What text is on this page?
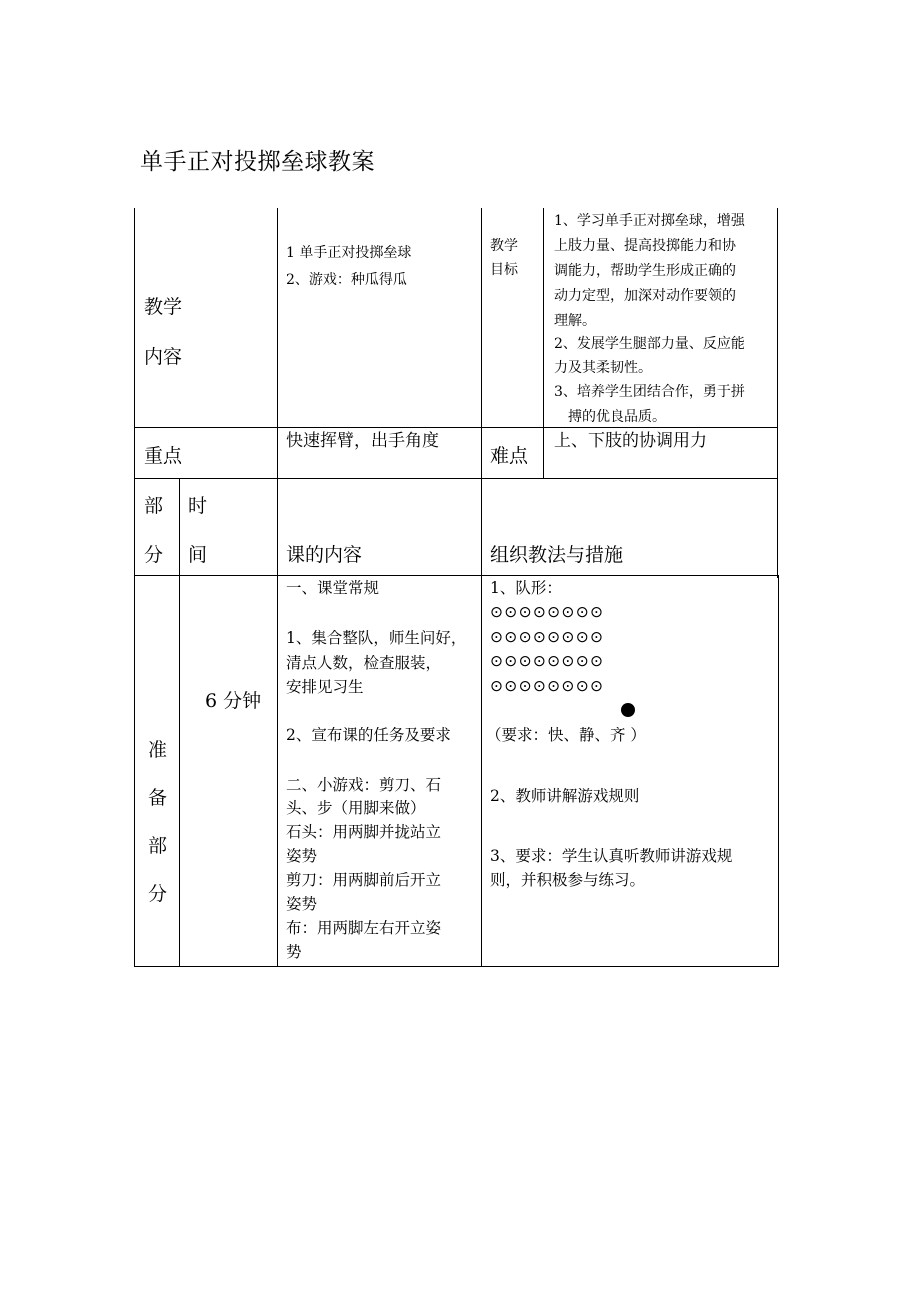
单手正对投掷垒球教案
教学
内容
1 单手正对投掷垒球
2、游戏：种瓜得瓜
教学
目标
1、学习单手正对掷垒球，增强
上肢力量、提高投掷能力和协
调能力，帮助学生形成正确的
动力定型，加深对动作要领的
理解。
2、发展学生腿部力量、反应能
力及其柔韧性。
3、培养学生团结合作，勇于拼
搏的优良品质。
重点
快速挥臂，出手角度
难点
上、下肢的协调用力
部
分
时
间	课的内容	组织教法与措施
准
备
部
分
6 分钟
一、课堂常规
1、集合整队，师生问好，
清点人数，检查服装，
安排见习生
2、宣布课的任务及要求
二、小游戏：剪刀、石
头、步（用脚来做）
石头：用两脚并拢站立
姿势
剪刀：用两脚前后开立
姿势
布：用两脚左右开立姿
势
1、队形：
⊙⊙⊙⊙⊙⊙⊙⊙
⊙⊙⊙⊙⊙⊙⊙⊙
⊙⊙⊙⊙⊙⊙⊙⊙
⊙⊙⊙⊙⊙⊙⊙⊙
（要求：快、静、齐 ）
2、教师讲解游戏规则
3、要求：学生认真听教师讲游戏规
则，并积极参与练习。
